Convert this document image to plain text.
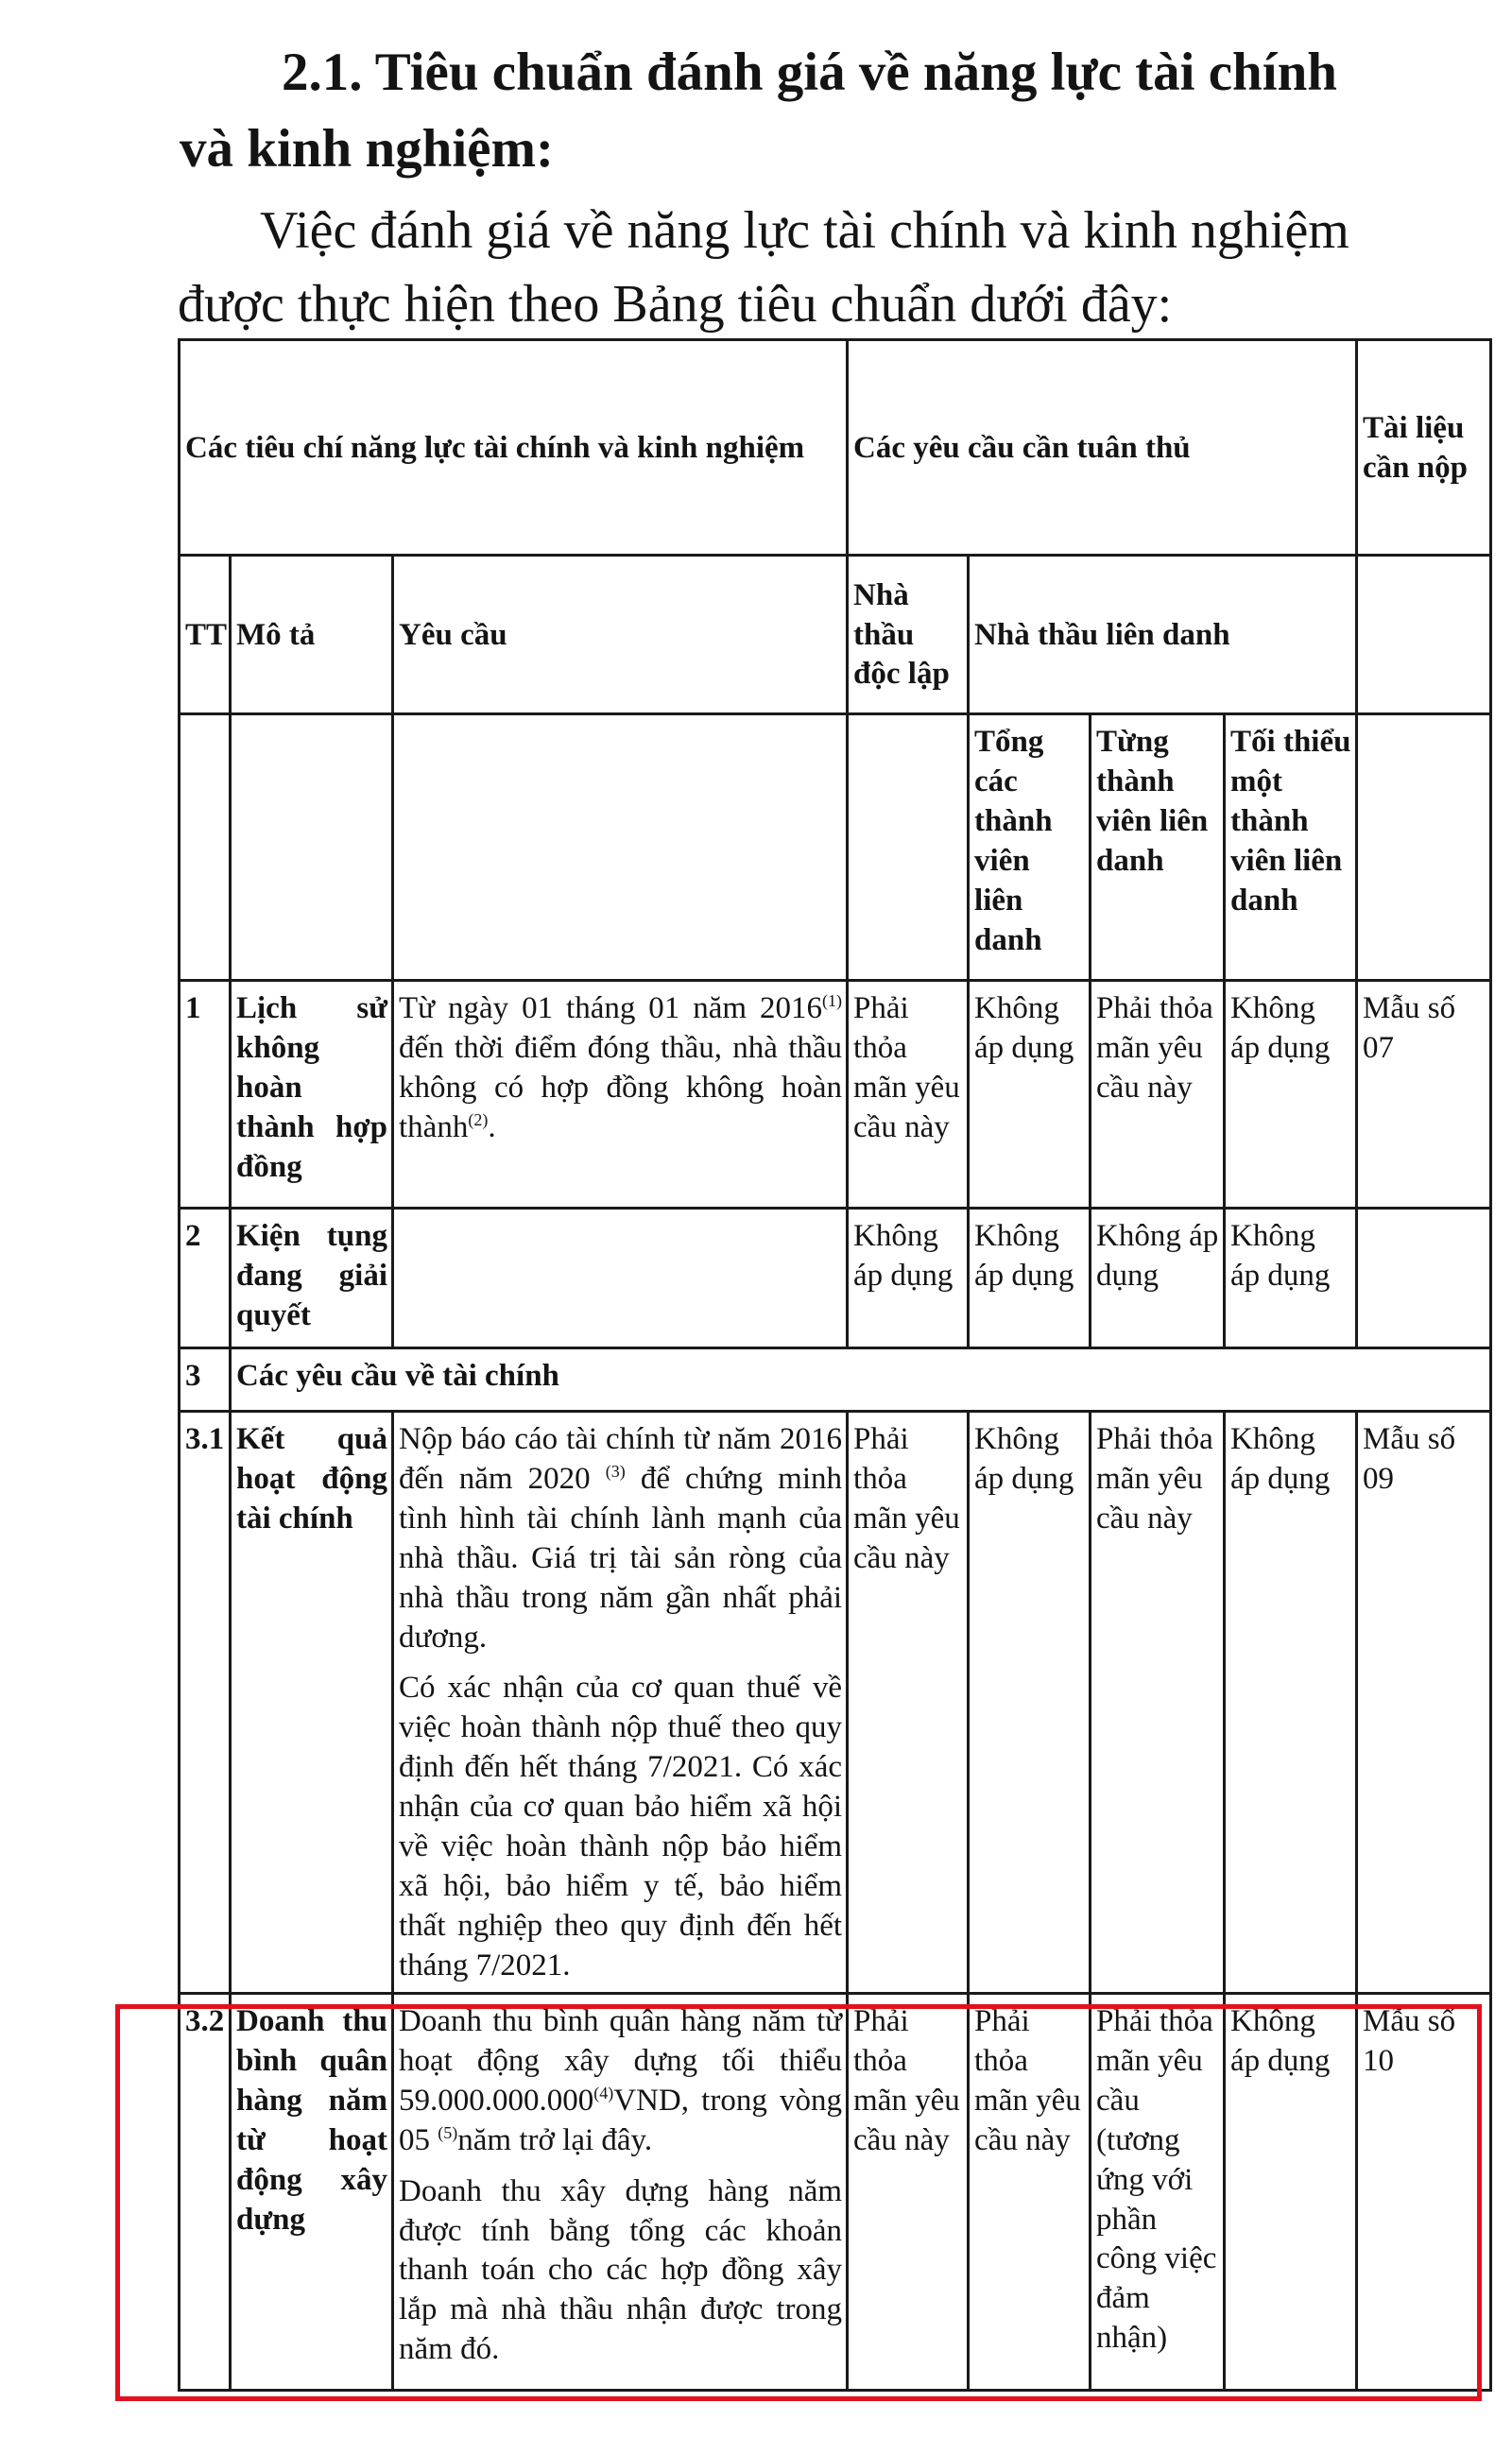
2.1. Tiêu chuẩn đánh giá về năng lực tài chính
và kinh nghiệm:
Việc đánh giá về năng lực tài chính và kinh nghiệm
được thực hiện theo Bảng tiêu chuẩn dưới đây:
Các tiêu chí năng lực tài chính và kinh nghiệm			Các yêu cầu cần tuân thủ				Tài liệu cần nộp
TT	Mô tả	Yêu cầu	Nhà thầu độc lập	Nhà thầu liên danh			
				Tổng các thành viên liên danh	Từng thành viên liên danh	Tối thiểu một thành viên liên danh	
1	Lịch sử không hoàn thành hợp đồng	Từ ngày 01 tháng 01 năm 2016$^{(1)}$ đến thời điểm đóng thầu, nhà thầu không có hợp đồng không hoàn thành$^{(2)}$.	Phải thỏa mãn yêu cầu này	Không áp dụng	Phải thỏa mãn yêu cầu này	Không áp dụng	Mẫu số 07
2	Kiện tụng đang giải quyết		Không áp dụng	Không áp dụng	Không áp dụng	Không áp dụng	
3	Các yêu cầu về tài chính						
3.1	Kết quả hoạt động tài chính	Nộp báo cáo tài chính từ năm 2016 đến năm 2020 $^{(3)}$ để chứng minh tình hình tài chính lành mạnh của nhà thầu. Giá trị tài sản ròng của nhà thầu trong năm gần nhất phải dương.
Có xác nhận của cơ quan thuế về việc hoàn thành nộp thuế theo quy định đến hết tháng 7/2021. Có xác nhận của cơ quan bảo hiểm xã hội về việc hoàn thành nộp bảo hiểm xã hội, bảo hiểm y tế, bảo hiểm thất nghiệp theo quy định đến hết tháng 7/2021.	Phải thỏa mãn yêu cầu này	Không áp dụng	Phải thỏa mãn yêu cầu này	Không áp dụng	Mẫu số 09
3.2	Doanh thu bình quân hàng năm từ hoạt động xây dựng	Doanh thu bình quân hàng năm từ hoạt động xây dựng tối thiểu 59.000.000.000$^{(4)}$VND, trong vòng 05 $^{(5)}$năm trở lại đây.
Doanh thu xây dựng hàng năm được tính bằng tổng các khoản thanh toán cho các hợp đồng xây lắp mà nhà thầu nhận được trong năm đó.	Phải thỏa mãn yêu cầu này	Phải thỏa mãn yêu cầu này	Phải thỏa mãn yêu cầu (tương ứng với phần công việc đảm nhận)	Không áp dụng	Mẫu số 10
